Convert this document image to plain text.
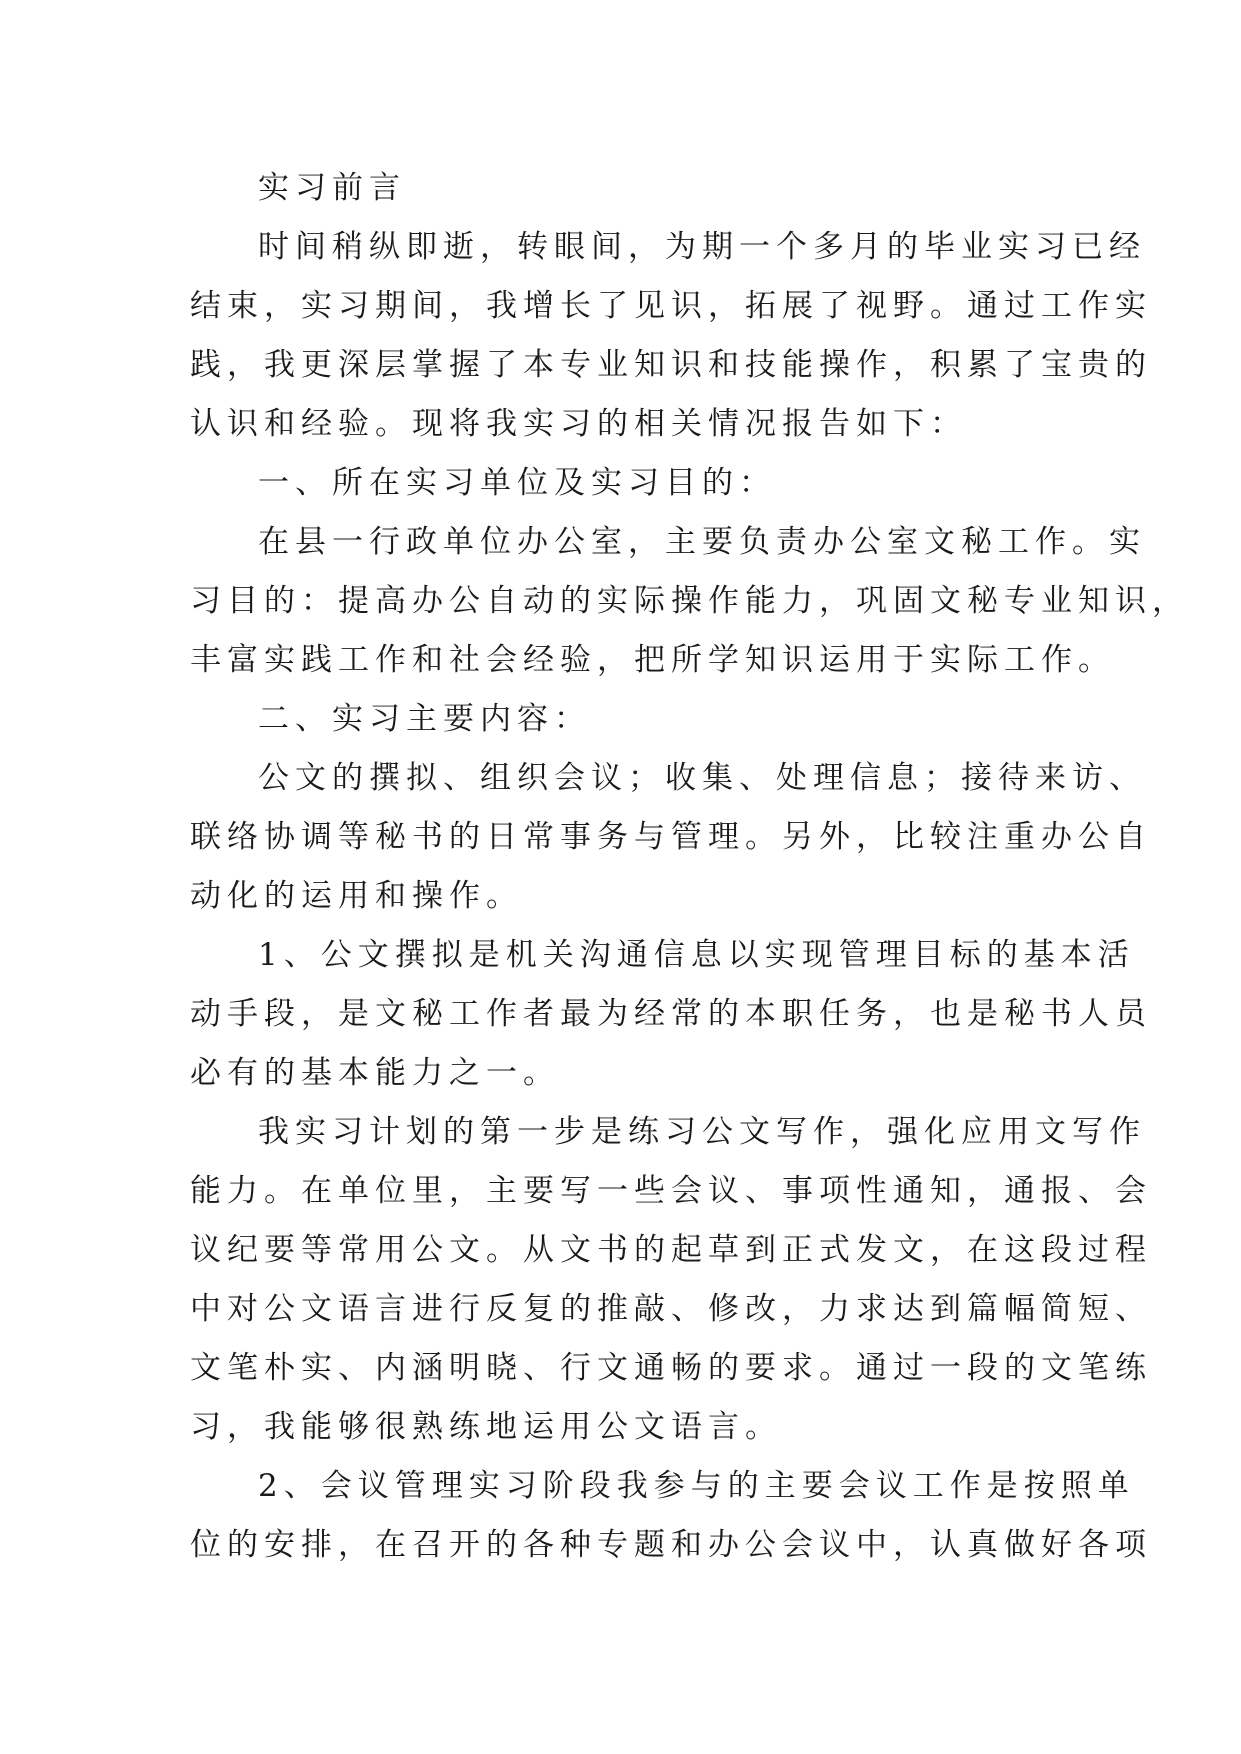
实习前言
时间稍纵即逝，转眼间，为期一个多月的毕业实习已经
结束，实习期间，我增长了见识，拓展了视野。通过工作实
践，我更深层掌握了本专业知识和技能操作，积累了宝贵的
认识和经验。现将我实习的相关情况报告如下：
一、所在实习单位及实习目的：
在县一行政单位办公室，主要负责办公室文秘工作。实
习目的：提高办公自动的实际操作能力，巩固文秘专业知识，
丰富实践工作和社会经验，把所学知识运用于实际工作。
二、实习主要内容：
公文的撰拟、组织会议；收集、处理信息；接待来访、
联络协调等秘书的日常事务与管理。另外，比较注重办公自
动化的运用和操作。
1、公文撰拟是机关沟通信息以实现管理目标的基本活
动手段，是文秘工作者最为经常的本职任务，也是秘书人员
必有的基本能力之一。
我实习计划的第一步是练习公文写作，强化应用文写作
能力。在单位里，主要写一些会议、事项性通知，通报、会
议纪要等常用公文。从文书的起草到正式发文，在这段过程
中对公文语言进行反复的推敲、修改，力求达到篇幅简短、
文笔朴实、内涵明晓、行文通畅的要求。通过一段的文笔练
习，我能够很熟练地运用公文语言。
2、会议管理实习阶段我参与的主要会议工作是按照单
位的安排，在召开的各种专题和办公会议中，认真做好各项
